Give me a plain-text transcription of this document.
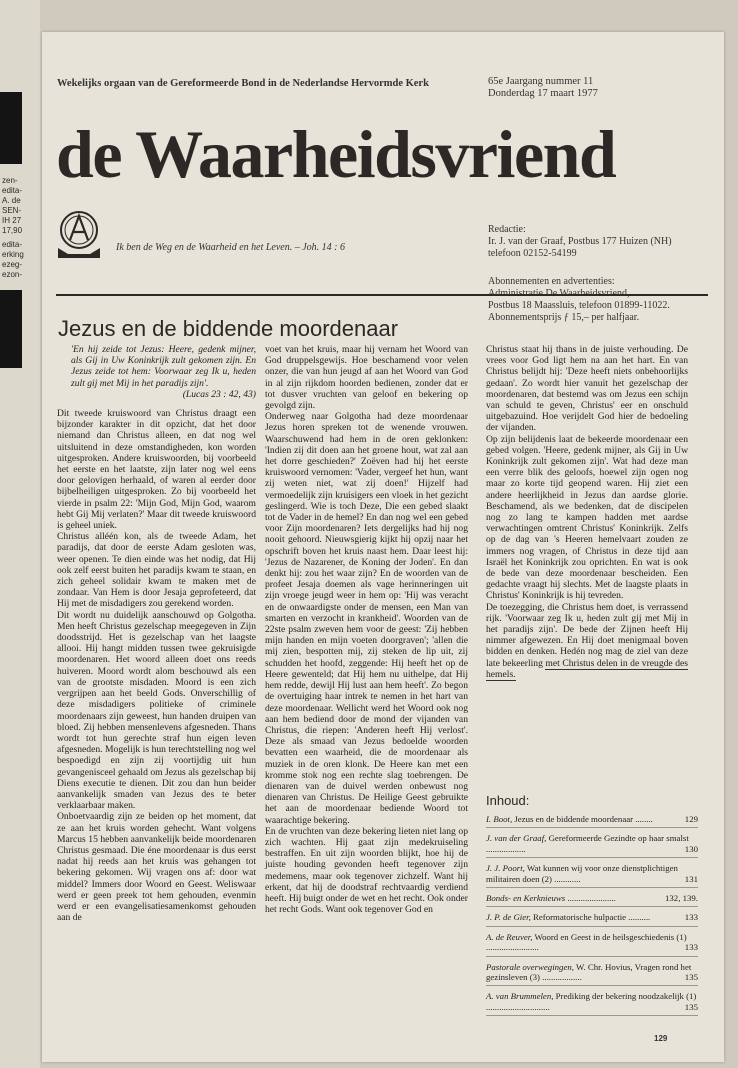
zen-
edita-
A. de
SEN-
IH 27
17,90
edita-
erking
ezeg-
ezon-
Wekelijks orgaan van de Gereformeerde Bond in de Nederlandse Hervormde Kerk	65e Jaargang nummer 11
Donderdag 17 maart 1977
de Waarheidsvriend
Ik ben de Weg en de Waarheid en het Leven. – Joh. 14 : 6
Redactie:
Ir. J. van der Graaf, Postbus 177 Huizen (NH)
telefoon 02152-54199
Abonnementen en advertenties:
Postbus 18 Maassluis, telefoon 01899-11022.
Abonnementsprijs ƒ 15,– per halfjaar.
Jezus en de biddende moordenaar
'En hij zeide tot Jezus: Heere, gedenk mijner, als Gij in Uw Koninkrijk zult gekomen zijn. En Jezus zeide tot hem: Voorwaar zeg Ik u, heden zult gij met Mij in het paradijs zijn'.
(Lucas 23 : 42, 43)

Dit tweede kruiswoord van Christus draagt een bijzonder karakter in dit opzicht, dat het door niemand dan Christus alleen, en dat nog wel uitsluitend in deze omstandigheden, kon worden uitgesproken. Andere kruiswoorden, bij voorbeeld het eerste en het laatste, zijn later nog wel eens door gelovigen herhaald, of waren al eerder door bijbelheiligen uitgesproken. Zo bij voorbeeld het vierde in psalm 22: 'Mijn God, Mijn God, waarom hebt Gij Mij verlaten?' Maar dit tweede kruiswoord is geheel uniek.

Christus alléén kon, als de tweede Adam, het paradijs, dat door de eerste Adam gesloten was, weer openen. Te dien einde was het nodig, dat Hij ook zelf eerst buiten het paradijs kwam te staan, en zich geheel solidair kwam te maken met de zondaar. Van Hem is door Jesaja geprofeteerd, dat Hij met de misdadigers zou gerekend worden.

Dit wordt nu duidelijk aanschouwd op Golgotha. Men heeft Christus gezelschap meegegeven in Zijn doodsstrijd. Het is gezelschap van het laagste allooi. Hij hangt midden tussen twee gekruisigde moordenaren. Het woord alleen doet ons reeds huiveren. Moord wordt alom beschouwd als een van de grootste misdaden. Moord is een zich vergrijpen aan het beeld Gods. Onverschillig of deze misdadigers politieke of criminele moordenaars zijn geweest, hun handen druipen van bloed. Zij hebben mensenlevens afgesneden. Thans wordt tot hun gerechte straf hun eigen leven afgesneden. Mogelijk is hun terechtstelling nog wel bespoedigd en zijn zij voortijdig uit hun gevangenisceel gehaald om Jezus als gezelschap bij Diens executie te dienen. Dit zou dan hun beider aanvankelijk smaden van Jezus des te beter verklaarbaar maken.

Onboetvaardig zijn ze beiden op het moment, dat ze aan het kruis worden gehecht. Want volgens Marcus 15 hebben aanvankelijk beide moordenaren Christus gesmaad. Die éne moordenaar is dus eerst nadat hij reeds aan het kruis was gehangen tot bekering gekomen. Wij vragen ons af: door wat middel? Immers door Woord en Geest. Weliswaar werd er geen preek tot hem gehouden, evenmin werd er een evangelisatiesamenkomst gehouden aan de

voet van het kruis, maar hij vernam het Woord van God druppelsgewijs. Hoe beschamend voor velen onzer, die van hun jeugd af aan het Woord van God in al zijn rijkdom hoorden bedienen, zonder dat er tot dusver vruchten van geloof en bekering op gevolgd zijn.

Onderweg naar Golgotha had deze moordenaar Jezus horen spreken tot de wenende vrouwen. Waarschuwend had hem in de oren geklonken: 'Indien zij dit doen aan het groene hout, wat zal aan het dorre geschieden?' Zoëven had hij het eerste kruiswoord vernomen: 'Vader, vergeef het hun, want zij weten niet, wat zij doen!' Hijzelf had vermoedelijk zijn kruisigers een vloek in het gezicht geslingerd. Wie is toch Deze, Die een gebed slaakt tot de Vader in de hemel? En dan nog wel een gebed voor Zijn moordenaren? Iets dergelijks had hij nog nooit gehoord. Nieuwsgierig kijkt hij opzij naar het opschrift boven het kruis naast hem. Daar leest hij: 'Jezus de Nazarener, de Koning der Joden'. En dan denkt hij: zou het waar zijn? En de woorden van de profeet Jesaja doemen als vage herinneringen uit zijn vroege jeugd weer in hem op: 'Hij was veracht en de onwaardigste onder de mensen, een Man van smarten en verzocht in krankheid'. Woorden van de 22ste psalm zweven hem voor de geest: 'Zij hebben mijn handen en mijn voeten doorgraven'; 'allen die mij zien, bespotten mij, zij steken de lip uit, zij schudden het hoofd, zeggende: Hij heeft het op de Heere gewenteld; dat Hij hem nu uithelpe, dat Hij hem redde, dewijl Hij lust aan hem heeft'. Zo begon de overtuiging haar intrek te nemen in het hart van deze moordenaar. Wellicht werd het Woord ook nog aan hem bediend door de mond der vijanden van Christus, die riepen: 'Anderen heeft Hij verlost'. Deze als smaad van Jezus bedoelde woorden bevatten een waarheid, die de moordenaar als muziek in de oren klonk. De Heere kan met een kromme stok nog een rechte slag toebrengen. De dienaren van de duivel werden onbewust nog dienaren van Christus. De Heilige Geest gebruikte het aan de moordenaar bediende Woord tot waarachtige bekering.

En de vruchten van deze bekering lieten niet lang op zich wachten. Hij gaat zijn medekruiseling bestraffen. En uit zijn woorden blijkt, hoe hij de juiste houding gevonden heeft tegenover zijn medemens, maar ook tegenover zichzelf. Want hij erkent, dat hij de doodstraf rechtvaardig verdiend heeft. Hij buigt onder de wet en het recht. Ook onder het recht Gods. Want ook tegenover God en

Christus staat hij thans in de juiste verhouding. De vrees voor God ligt hem na aan het hart. En van Christus belijdt hij: 'Deze heeft niets onbehoorlijks gedaan'. Zo wordt hier vanuit het gezelschap der moordenaren, dat bestemd was om Jezus een schijn van schuld te geven, Christus' eer en onschuld uitgebazuind. Hoe verijdelt God hier de bedoeling der vijanden.

Op zijn belijdenis laat de bekeerde moordenaar een gebed volgen. 'Heere, gedenk mijner, als Gij in Uw Koninkrijk zult gekomen zijn'. Wat had deze man een verre blik des geloofs, hoewel zijn ogen nog maar zo korte tijd geopend waren. Hij ziet een andere heerlijkheid in Jezus dan aardse glorie. Beschamend, als we bedenken, dat de discipelen nog zo lang te kampen hadden met aardse verwachtingen omtrent Christus' Koninkrijk. Zelfs op de dag van 's Heeren hemelvaart zouden ze immers nog vragen, of Christus in deze tijd aan Israël het Koninkrijk zou oprichten. En wat is ook de bede van deze moordenaar bescheiden. Een gedachte vraagt hij slechts. Met de laagste plaats in Christus' Koninkrijk is hij tevreden.

De toezegging, die Christus hem doet, is verrassend rijk. 'Voorwaar zeg Ik u, heden zult gij met Mij in het paradijs zijn'. De bede der Zijnen heeft Hij nimmer afgewezen. En Hij doet menigmaal boven bidden en denken. Hedén nog mag de ziel van deze late bekeerling met Christus delen in de vreugde des hemels.

Inhoud:
I. Boot, Jezus en de biddende moordenaar ........	129
J. van der Graaf, Gereformeerde Gezindte op haar smalst ..................	130
J. J. Poort, Wat kunnen wij voor onze dienstplichtigen militairen doen (2) ............	131
Bonds- en Kerknieuws ......................	132, 139.
J. P. de Gier, Reformatorische hulpactie ..........	133
A. de Reuver, Woord en Geest in de heilsgeschiedenis (1) ........................	133
Pastorale overwegingen, W. Chr. Hovius, Vragen rond het gezinsleven (3) ..................	135
A. van Brummelen, Prediking der bekering noodzakelijk (1) .............................	135
129
